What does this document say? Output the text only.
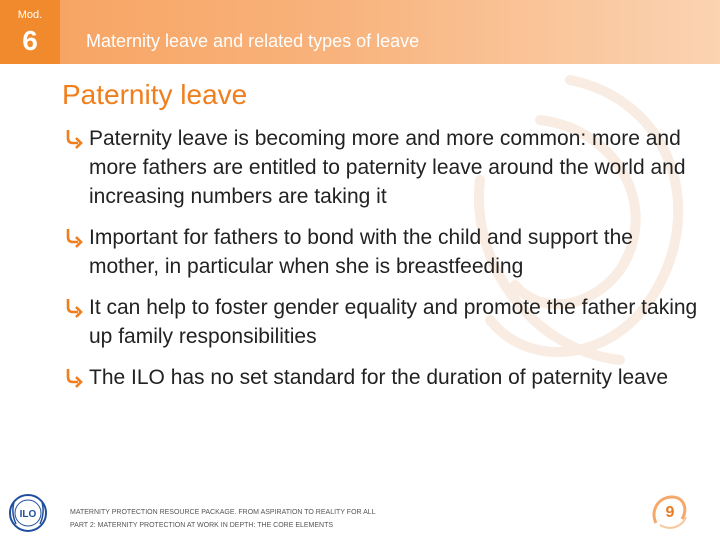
Mod.
6	Maternity leave and related types of leave
Paternity leave

Paternity leave is becoming more and more common: more and more fathers are entitled to paternity leave around the world and increasing numbers are taking it

Important for fathers to bond with the child and support the mother, in particular when she is breastfeeding

It can help to foster gender equality and promote the father taking up family responsibilities

The ILO has no set standard for the duration of paternity leave

ILO	MATERNITY PROTECTION RESOURCE PACKAGE. FROM ASPIRATION TO REALITY FOR ALL
PART 2: MATERNITY PROTECTION AT WORK IN DEPTH: THE CORE ELEMENTS
9
